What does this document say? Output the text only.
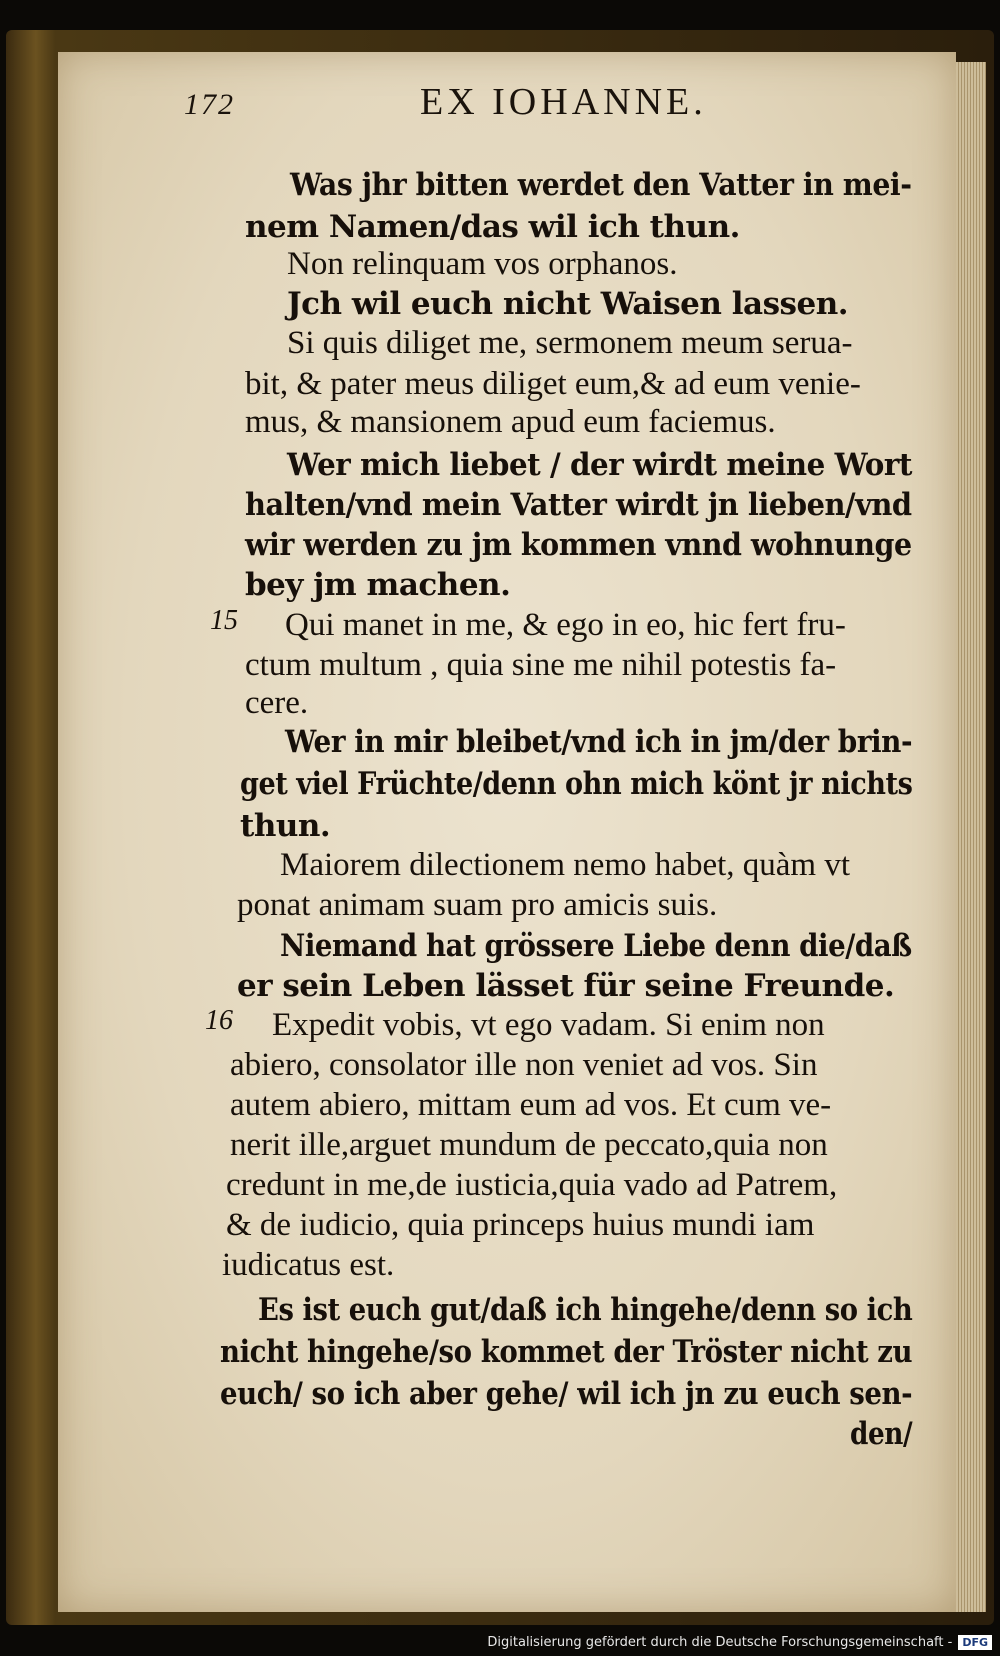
172	EX IOHANNE.
Was jhr bitten werdet den Vatter in mei-
nem Namen/das wil ich thun.
Non relinquam vos orphanos.
Jch wil euch nicht Waisen lassen.
Si quis diliget me, sermonem meum serua-
bit, & pater meus diliget eum,& ad eum venie-
mus, & mansionem apud eum faciemus.
Wer mich liebet / der wirdt meine Wort
halten/vnd mein Vatter wirdt jn lieben/vnd
wir werden zu jm kommen vnnd wohnunge
bey jm machen.
Qui manet in me, & ego in eo, hic fert fru-
ctum multum , quia sine me nihil potestis fa-
cere.
Wer in mir bleibet/vnd ich in jm/der brin-
get viel Früchte/denn ohn mich könt jr nichts
thun.
Maiorem dilectionem nemo habet, quàm vt
ponat animam suam pro amicis suis.
Niemand hat grössere Liebe denn die/daß
er sein Leben lässet für seine Freunde.
Expedit vobis, vt ego vadam. Si enim non
abiero, consolator ille non veniet ad vos. Sin
autem abiero, mittam eum ad vos. Et cum ve-
nerit ille,arguet mundum de peccato,quia non
credunt in me,de iusticia,quia vado ad Patrem,
& de iudicio, quia princeps huius mundi iam
iudicatus est.
Es ist euch gut/daß ich hingehe/denn so ich
nicht hingehe/so kommet der Tröster nicht zu
euch/ so ich aber gehe/ wil ich jn zu euch sen-
den/
15
16
Digitalisierung gefördert durch die Deutsche Forschungsgemeinschaft - DFG
